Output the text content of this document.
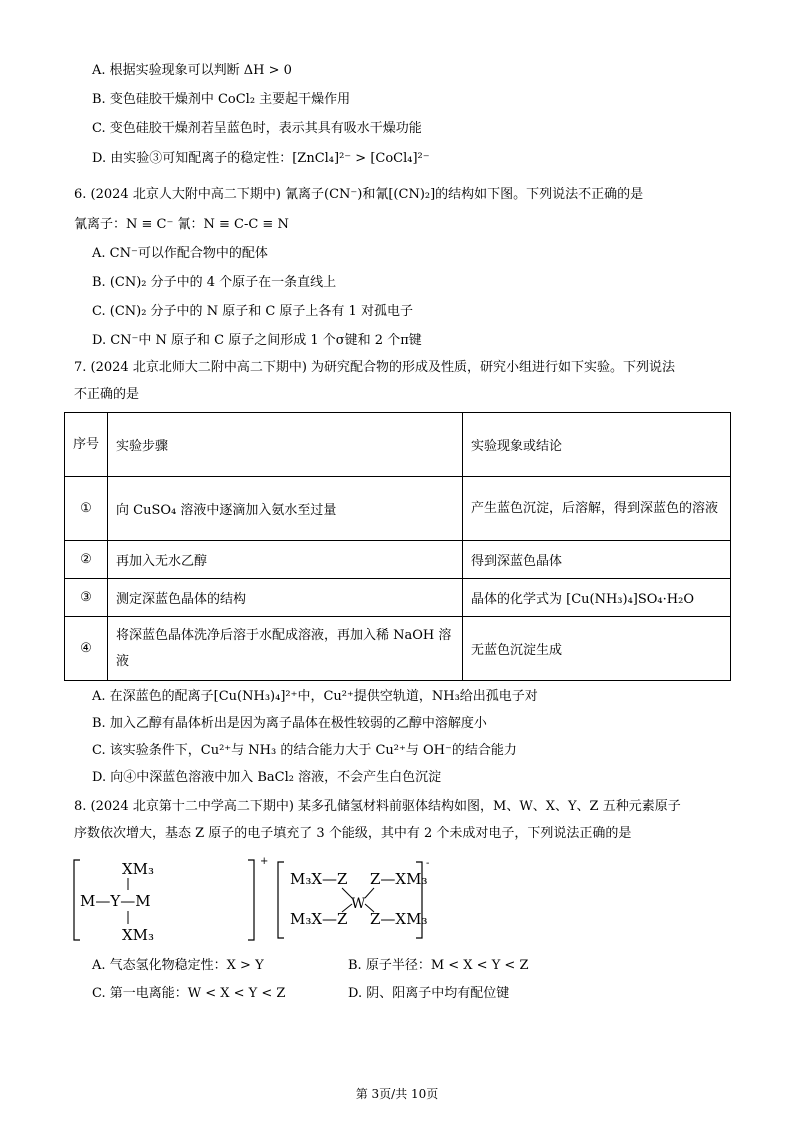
A. 根据实验现象可以判断 ΔH > 0
B. 变色硅胶干燥剂中 CoCl₂ 主要起干燥作用
C. 变色硅胶干燥剂若呈蓝色时，表示其具有吸水干燥功能
D. 由实验③可知配离子的稳定性：[ZnCl₄]²⁻ > [CoCl₄]²⁻
6. (2024 北京人大附中高二下期中) 氰离子(CN⁻)和氰[(CN)₂]的结构如下图。下列说法不正确的是
氰离子：N ≡ C⁻ 氰：N ≡ C-C ≡ N
A. CN⁻可以作配合物中的配体
B. (CN)₂ 分子中的 4 个原子在一条直线上
C. (CN)₂ 分子中的 N 原子和 C 原子上各有 1 对孤电子
D. CN⁻中 N 原子和 C 原子之间形成 1 个σ键和 2 个π键
7. (2024 北京北师大二附中高二下期中) 为研究配合物的形成及性质，研究小组进行如下实验。下列说法
不正确的是
序号	实验步骤	实验现象或结论
①	向 CuSO₄ 溶液中逐滴加入氨水至过量	产生蓝色沉淀，后溶解，得到深蓝色的溶液
②	再加入无水乙醇	得到深蓝色晶体
③	测定深蓝色晶体的结构	晶体的化学式为 [Cu(NH₃)₄]SO₄·H₂O
④	将深蓝色晶体洗净后溶于水配成溶液，再加入稀 NaOH 溶液	无蓝色沉淀生成
A. 在深蓝色的配离子[Cu(NH₃)₄]²⁺中，Cu²⁺提供空轨道，NH₃给出孤电子对
B. 加入乙醇有晶体析出是因为离子晶体在极性较弱的乙醇中溶解度小
C. 该实验条件下，Cu²⁺与 NH₃ 的结合能力大于 Cu²⁺与 OH⁻的结合能力
D. 向④中深蓝色溶液中加入 BaCl₂ 溶液，不会产生白色沉淀
8. (2024 北京第十二中学高二下期中) 某多孔储氢材料前驱体结构如图，M、W、X、Y、Z 五种元素原子
序数依次增大，基态 Z 原子的电子填充了 3 个能级，其中有 2 个未成对电子，下列说法正确的是
XM₃
M—Y—M
XM₃
+
M₃X—Z
M₃X—Z
W
Z—XM₃
Z—XM₃
-
A. 气态氢化物稳定性：X > Y	B. 原子半径：M < X < Y < Z
C. 第一电离能：W < X < Y < Z	D. 阴、阳离子中均有配位键
第 3页/共 10页
